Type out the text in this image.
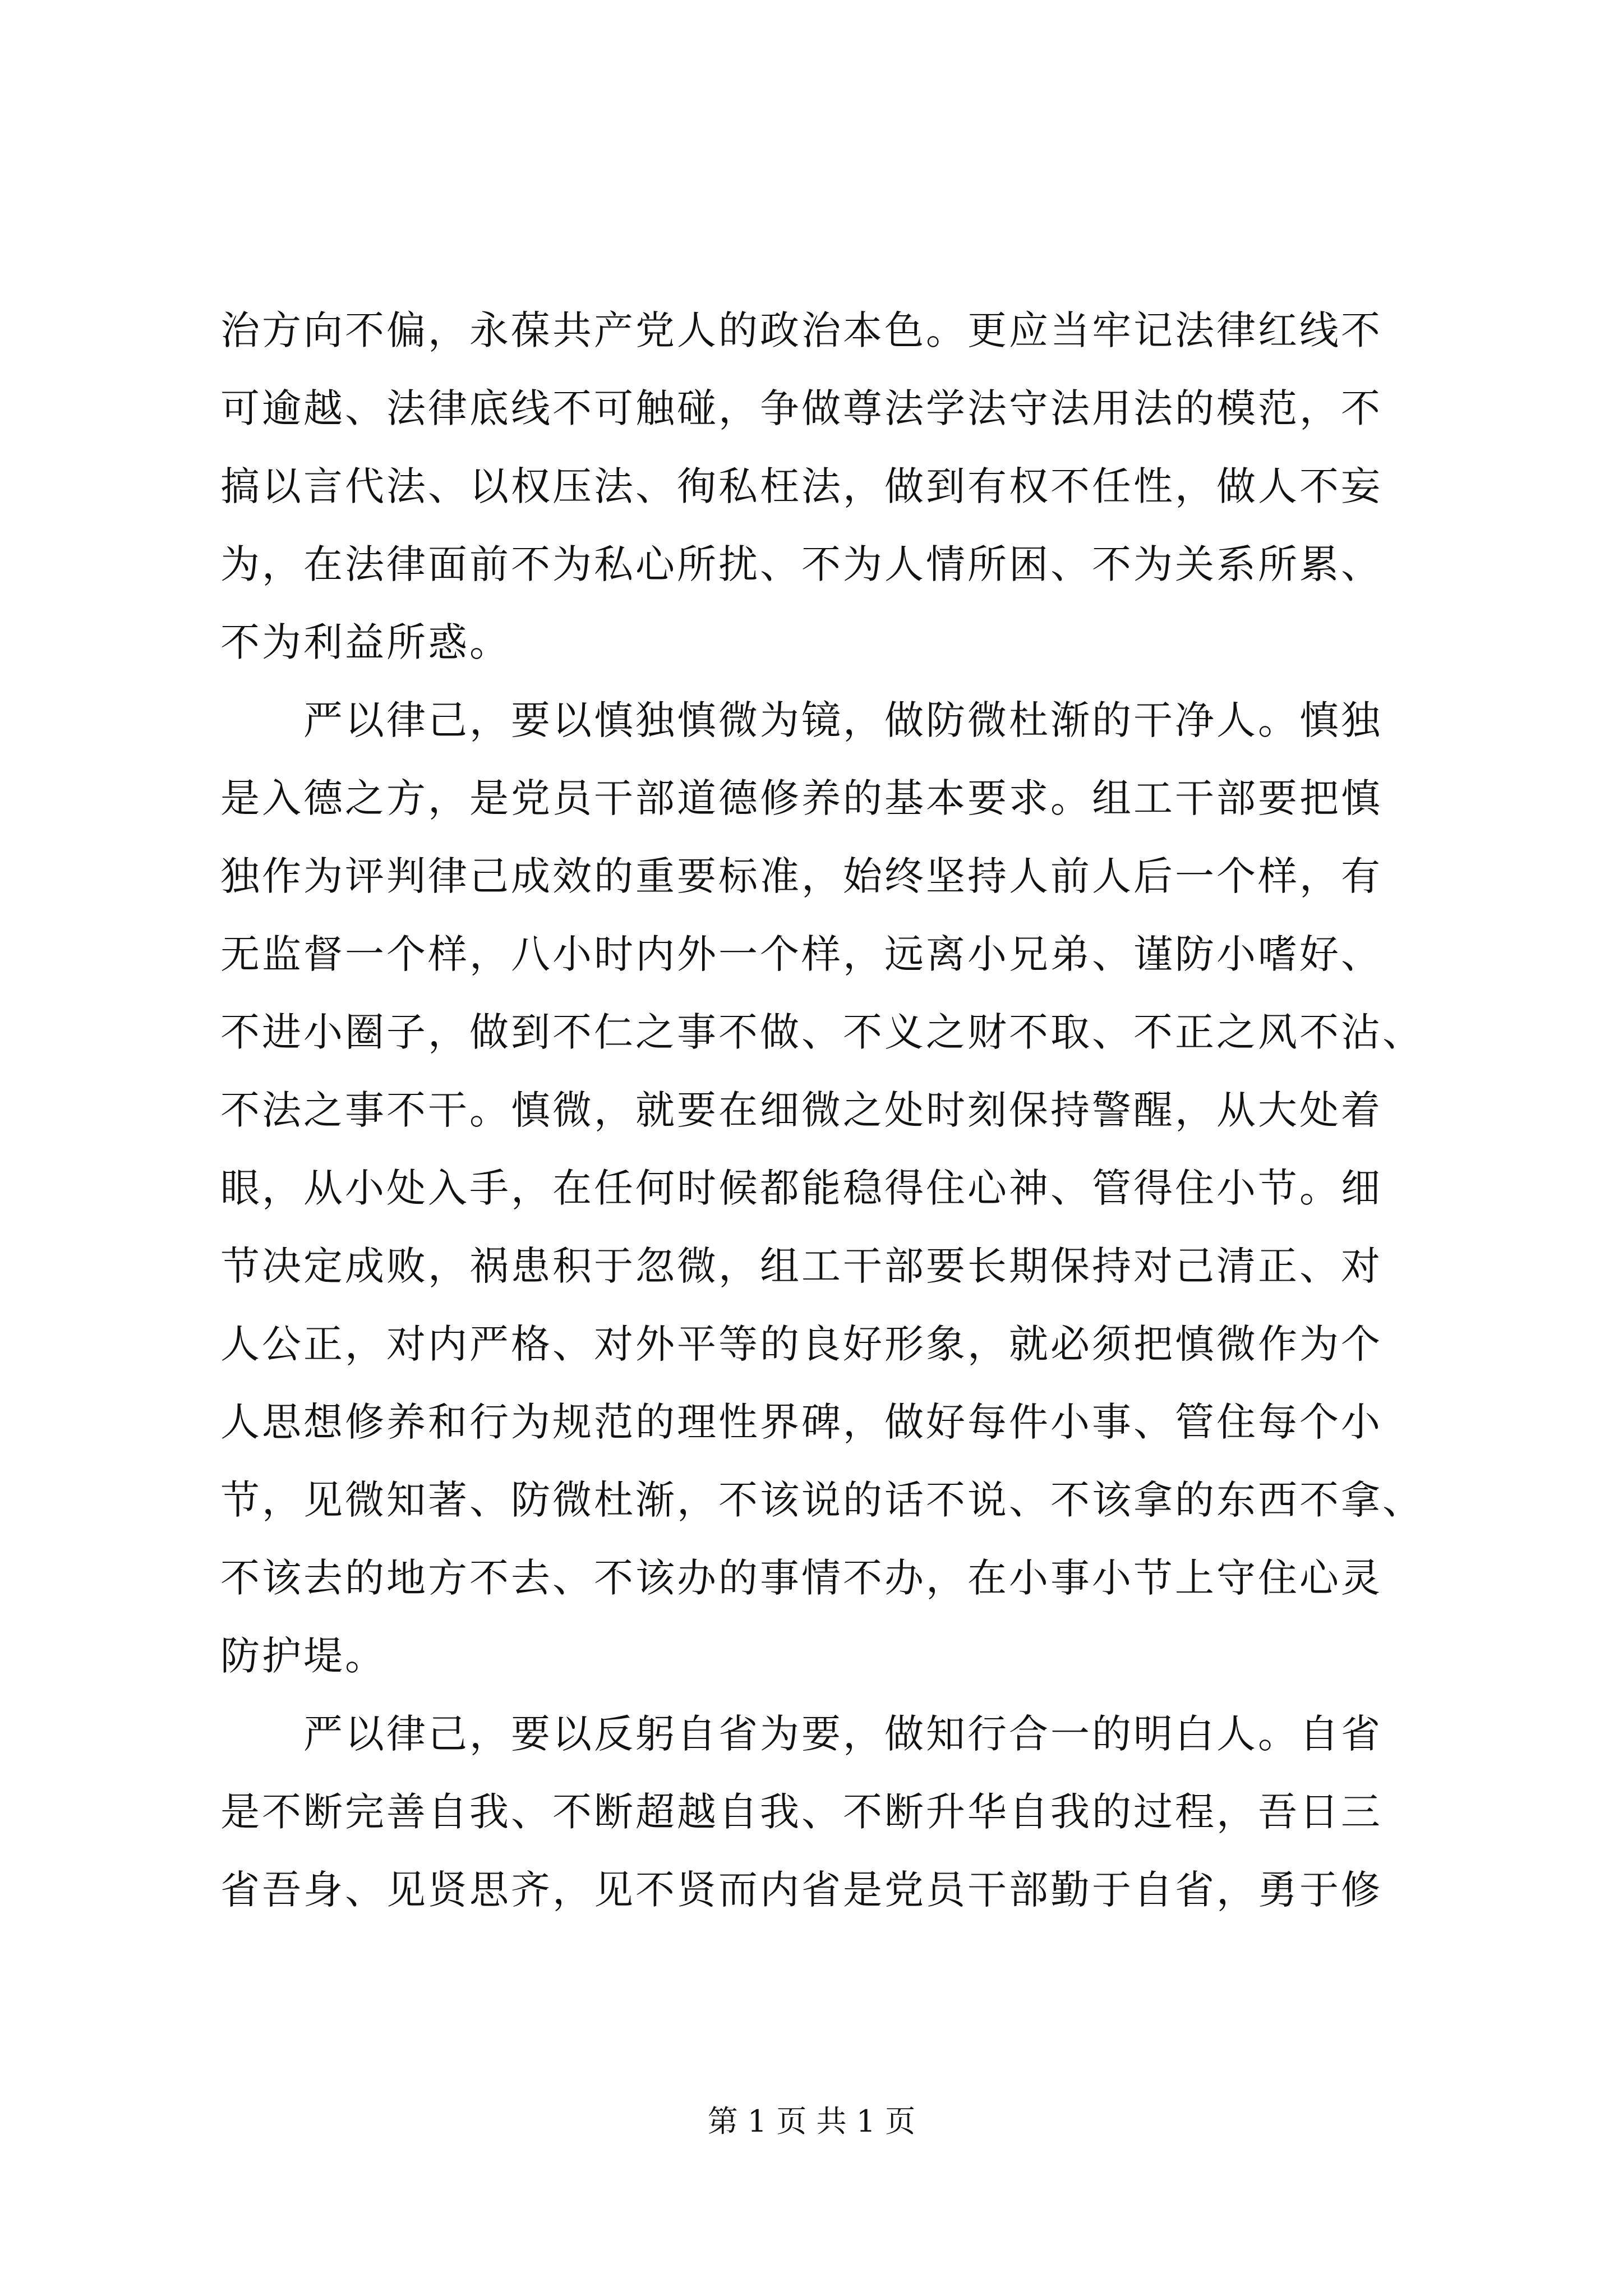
治方向不偏，永葆共产党人的政治本色。更应当牢记法律红线不
可逾越、法律底线不可触碰，争做尊法学法守法用法的模范，不
搞以言代法、以权压法、徇私枉法，做到有权不任性，做人不妄
为，在法律面前不为私心所扰、不为人情所困、不为关系所累、
不为利益所惑。
　　严以律己，要以慎独慎微为镜，做防微杜渐的干净人。慎独
是入德之方，是党员干部道德修养的基本要求。组工干部要把慎
独作为评判律己成效的重要标准，始终坚持人前人后一个样，有
无监督一个样，八小时内外一个样，远离小兄弟、谨防小嗜好、
不进小圈子，做到不仁之事不做、不义之财不取、不正之风不沾、
不法之事不干。慎微，就要在细微之处时刻保持警醒，从大处着
眼，从小处入手，在任何时候都能稳得住心神、管得住小节。细
节决定成败，祸患积于忽微，组工干部要长期保持对己清正、对
人公正，对内严格、对外平等的良好形象，就必须把慎微作为个
人思想修养和行为规范的理性界碑，做好每件小事、管住每个小
节，见微知著、防微杜渐，不该说的话不说、不该拿的东西不拿、
不该去的地方不去、不该办的事情不办，在小事小节上守住心灵
防护堤。
　　严以律己，要以反躬自省为要，做知行合一的明白人。自省
是不断完善自我、不断超越自我、不断升华自我的过程，吾日三
省吾身、见贤思齐，见不贤而内省是党员干部勤于自省，勇于修
第 1 页 共 1 页
